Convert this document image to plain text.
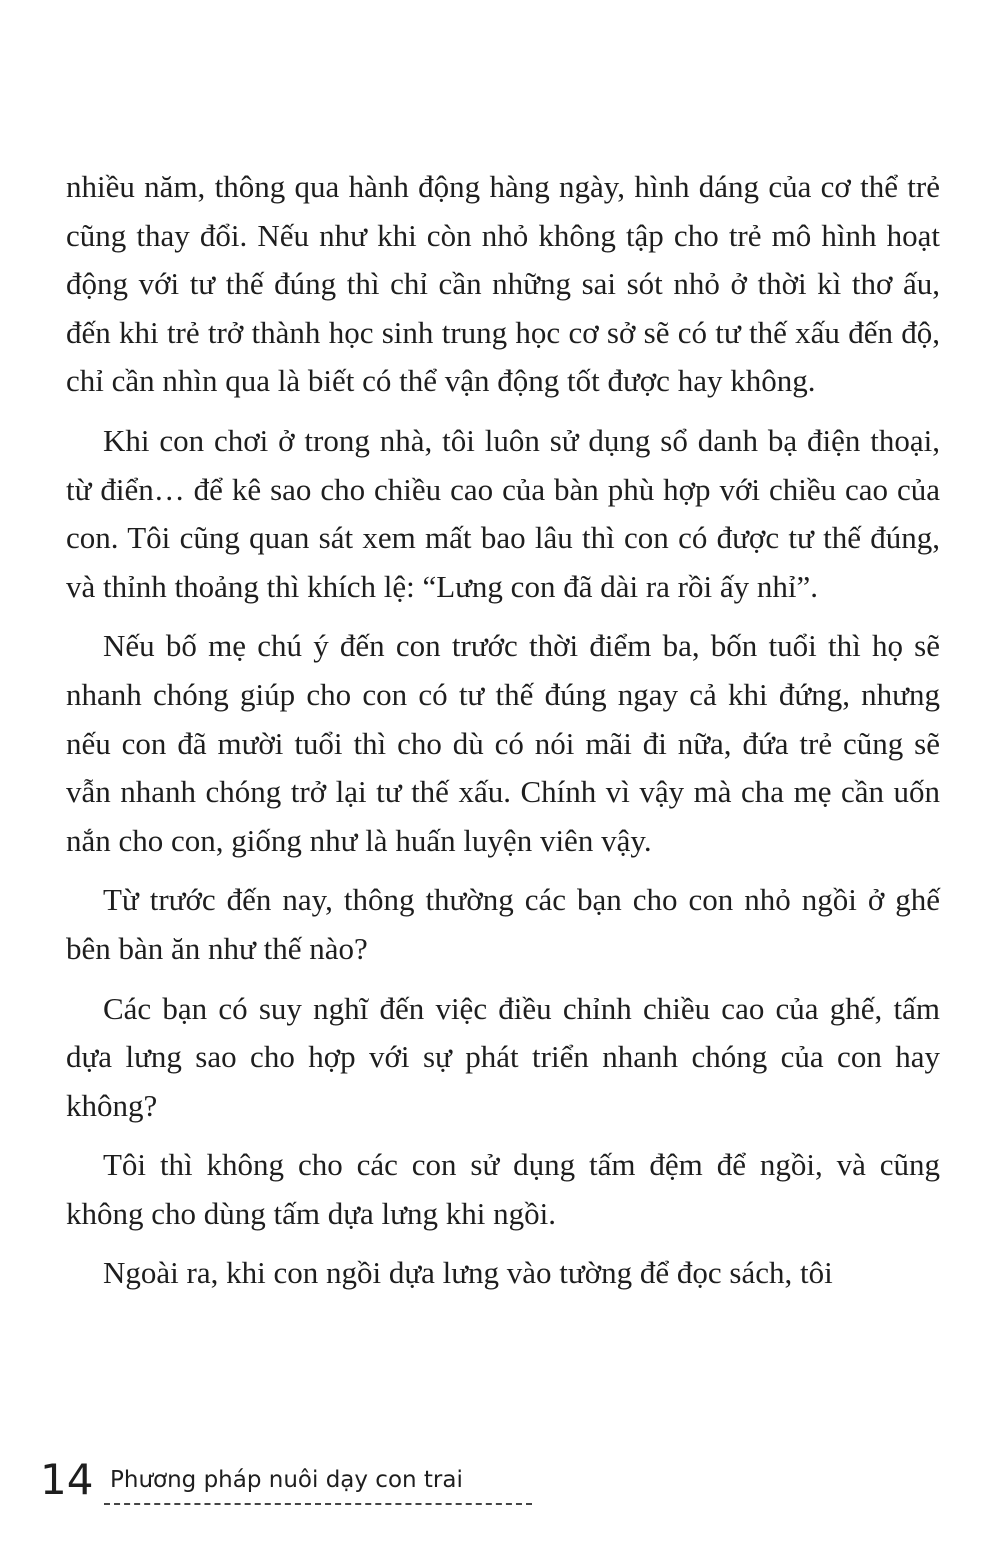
nhiều năm, thông qua hành động hàng ngày, hình dáng của cơ thể trẻ cũng thay đổi. Nếu như khi còn nhỏ không tập cho trẻ mô hình hoạt động với tư thế đúng thì chỉ cần những sai sót nhỏ ở thời kì thơ ấu, đến khi trẻ trở thành học sinh trung học cơ sở sẽ có tư thế xấu đến độ, chỉ cần nhìn qua là biết có thể vận động tốt được hay không.

Khi con chơi ở trong nhà, tôi luôn sử dụng sổ danh bạ điện thoại, từ điển… để kê sao cho chiều cao của bàn phù hợp với chiều cao của con. Tôi cũng quan sát xem mất bao lâu thì con có được tư thế đúng, và thỉnh thoảng thì khích lệ: “Lưng con đã dài ra rồi ấy nhỉ”.

Nếu bố mẹ chú ý đến con trước thời điểm ba, bốn tuổi thì họ sẽ nhanh chóng giúp cho con có tư thế đúng ngay cả khi đứng, nhưng nếu con đã mười tuổi thì cho dù có nói mãi đi nữa, đứa trẻ cũng sẽ vẫn nhanh chóng trở lại tư thế xấu. Chính vì vậy mà cha mẹ cần uốn nắn cho con, giống như là huấn luyện viên vậy.

Từ trước đến nay, thông thường các bạn cho con nhỏ ngồi ở ghế bên bàn ăn như thế nào?

Các bạn có suy nghĩ đến việc điều chỉnh chiều cao của ghế, tấm dựa lưng sao cho hợp với sự phát triển nhanh chóng của con hay không?

Tôi thì không cho các con sử dụng tấm đệm để ngồi, và cũng không cho dùng tấm dựa lưng khi ngồi.

Ngoài ra, khi con ngồi dựa lưng vào tường để đọc sách, tôi

14 Phương pháp nuôi dạy con trai
